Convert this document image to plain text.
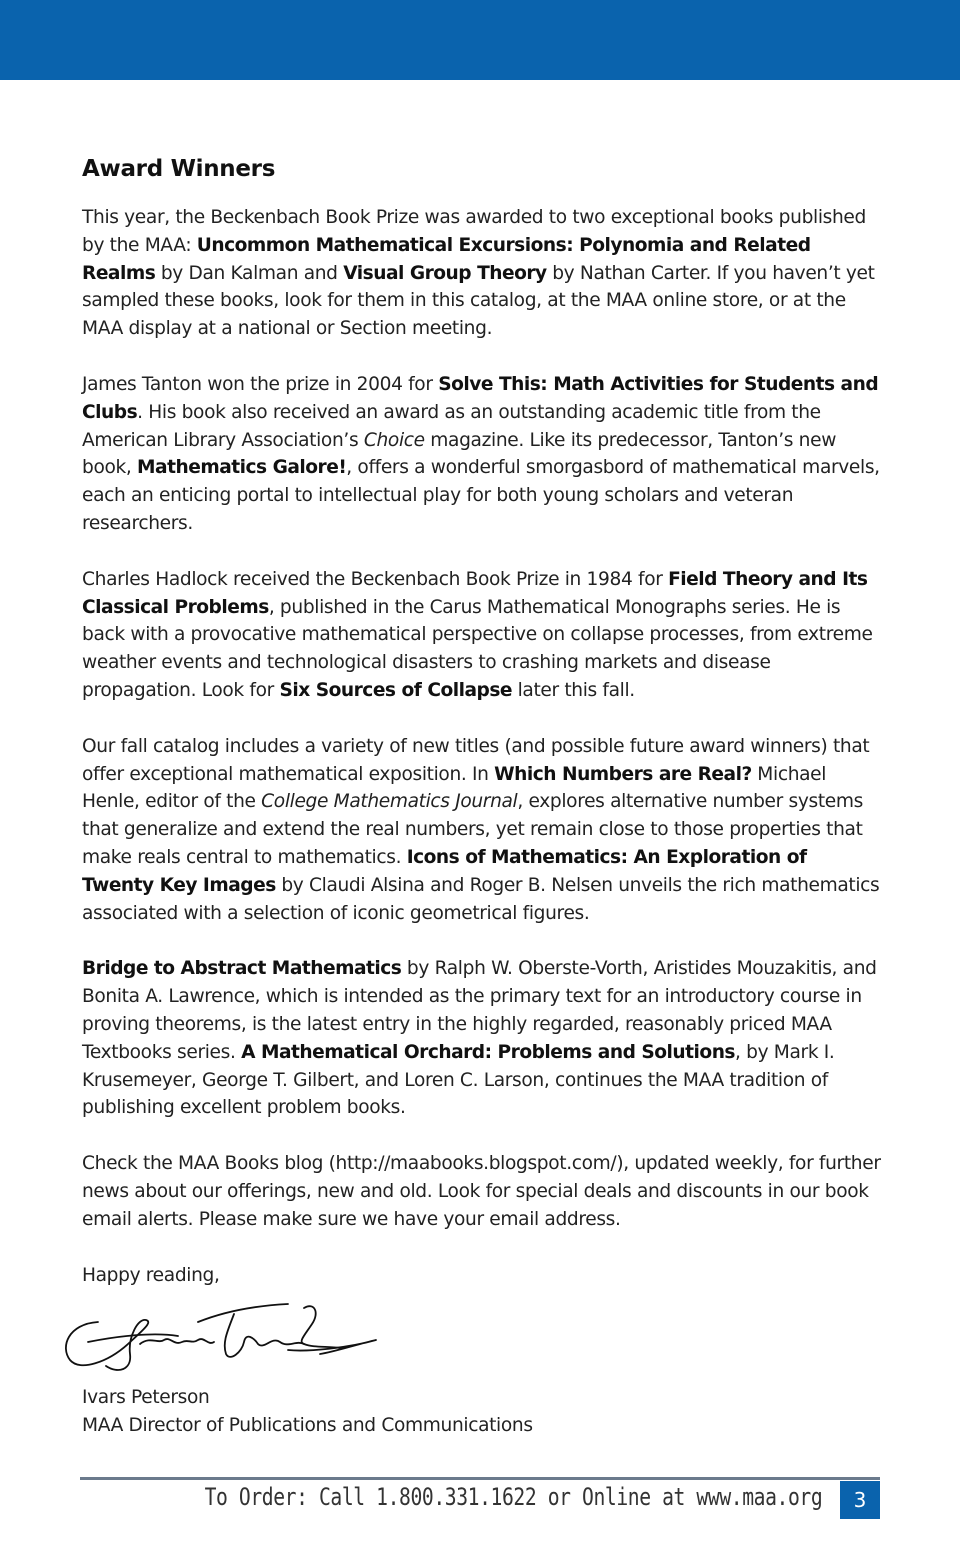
Award Winners

This year, the Beckenbach Book Prize was awarded to two exceptional books published by the MAA: Uncommon Mathematical Excursions: Polynomia and Related Realms by Dan Kalman and Visual Group Theory by Nathan Carter. If you haven’t yet sampled these books, look for them in this catalog, at the MAA online store, or at the MAA display at a national or Section meeting.

James Tanton won the prize in 2004 for Solve This: Math Activities for Students and Clubs. His book also received an award as an outstanding academic title from the American Library Association’s Choice magazine. Like its predecessor, Tanton’s new book, Mathematics Galore!, offers a wonderful smorgasbord of mathematical marvels, each an enticing portal to intellectual play for both young scholars and veteran researchers.

Charles Hadlock received the Beckenbach Book Prize in 1984 for Field Theory and Its Classical Problems, published in the Carus Mathematical Monographs series. He is back with a provocative mathematical perspective on collapse processes, from extreme weather events and technological disasters to crashing markets and disease propagation. Look for Six Sources of Collapse later this fall.

Our fall catalog includes a variety of new titles (and possible future award winners) that offer exceptional mathematical exposition. In Which Numbers are Real? Michael Henle, editor of the College Mathematics Journal, explores alternative number systems that generalize and extend the real numbers, yet remain close to those properties that make reals central to mathematics. Icons of Mathematics: An Exploration of Twenty Key Images by Claudi Alsina and Roger B. Nelsen unveils the rich mathematics associated with a selection of iconic geometrical figures.

Bridge to Abstract Mathematics by Ralph W. Oberste-Vorth, Aristides Mouzakitis, and Bonita A. Lawrence, which is intended as the primary text for an introductory course in proving theorems, is the latest entry in the highly regarded, reasonably priced MAA Textbooks series. A Mathematical Orchard: Problems and Solutions, by Mark I. Krusemeyer, George T. Gilbert, and Loren C. Larson, continues the MAA tradition of publishing excellent problem books.

Check the MAA Books blog (http://maabooks.blogspot.com/), updated weekly, for further news about our offerings, new and old. Look for special deals and discounts in our book email alerts. Please make sure we have your email address.

Happy reading,

Ivars Peterson
MAA Director of Publications and Communications
To Order: Call 1.800.331.1622 or Online at www.maa.org	3
